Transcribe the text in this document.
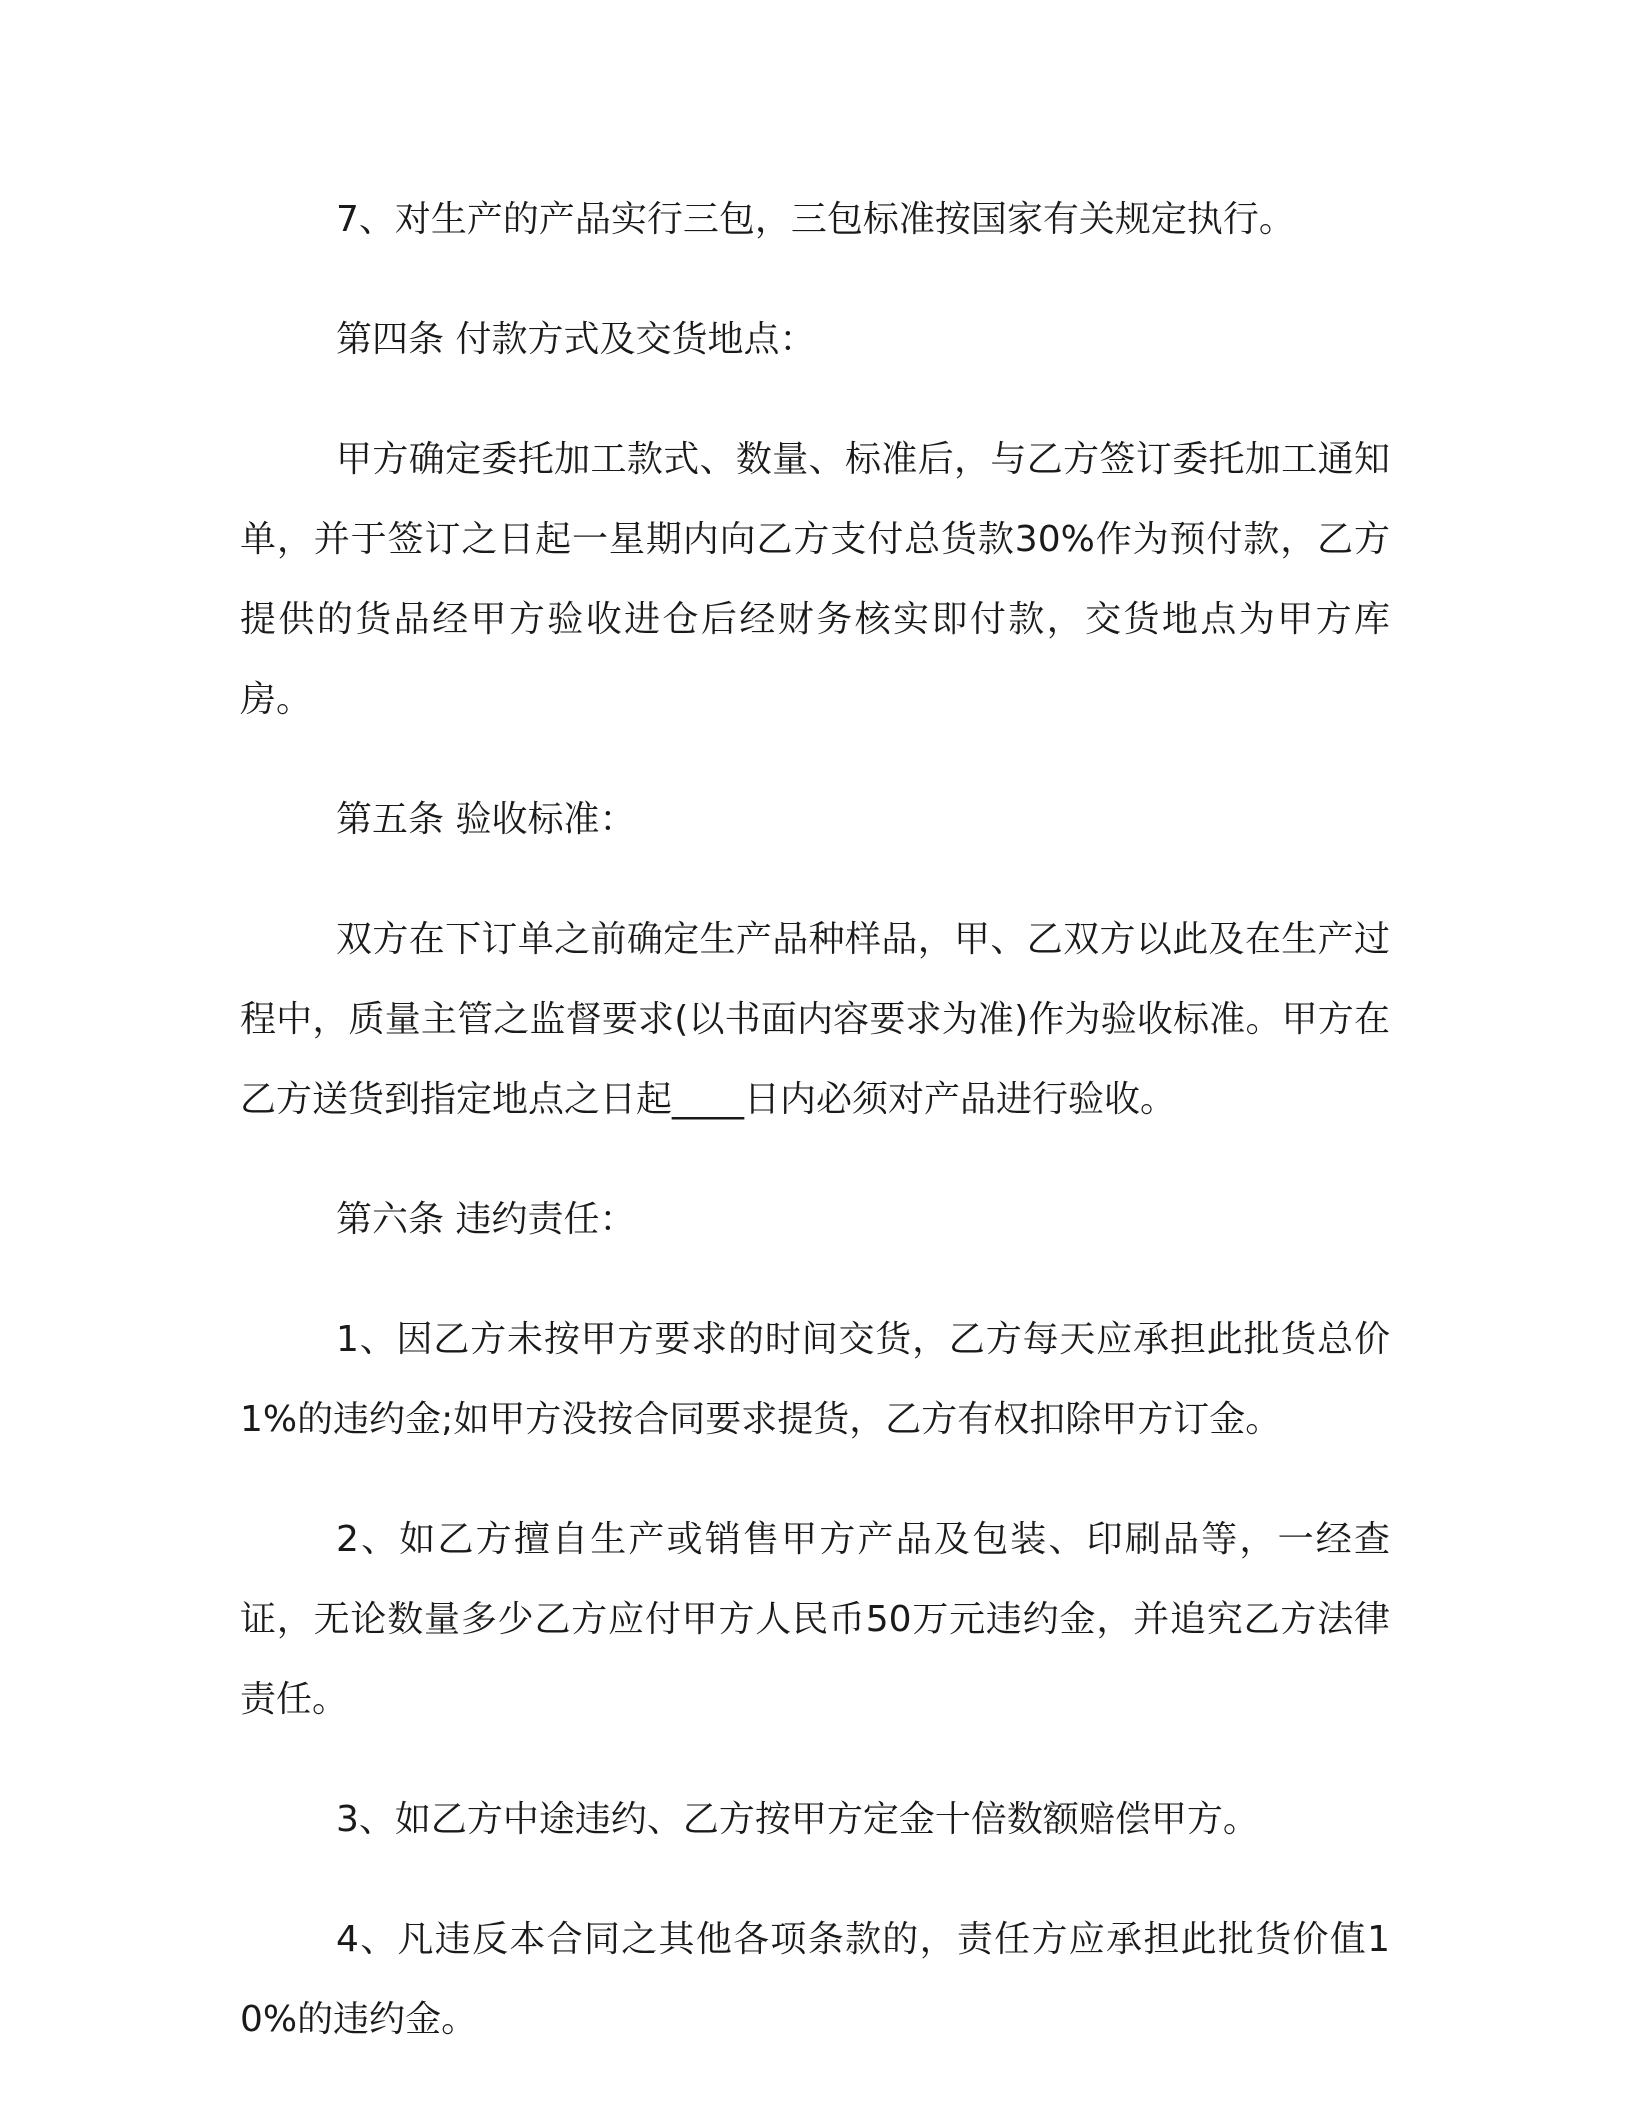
7、对生产的产品实行三包，三包标准按国家有关规定执行。

第四条 付款方式及交货地点：

甲方确定委托加工款式、数量、标准后，与乙方签订委托加工通知单，并于签订之日起一星期内向乙方支付总货款30%作为预付款，乙方提供的货品经甲方验收进仓后经财务核实即付款，交货地点为甲方库房。

第五条 验收标准：

双方在下订单之前确定生产品种样品，甲、乙双方以此及在生产过程中，质量主管之监督要求(以书面内容要求为准)作为验收标准。甲方在乙方送货到指定地点之日起____日内必须对产品进行验收。

第六条 违约责任：

1、因乙方未按甲方要求的时间交货，乙方每天应承担此批货总价1%的违约金;如甲方没按合同要求提货，乙方有权扣除甲方订金。

2、如乙方擅自生产或销售甲方产品及包装、印刷品等，一经查证，无论数量多少乙方应付甲方人民币50万元违约金，并追究乙方法律责任。

3、如乙方中途违约、乙方按甲方定金十倍数额赔偿甲方。

4、凡违反本合同之其他各项条款的，责任方应承担此批货价值10%的违约金。
